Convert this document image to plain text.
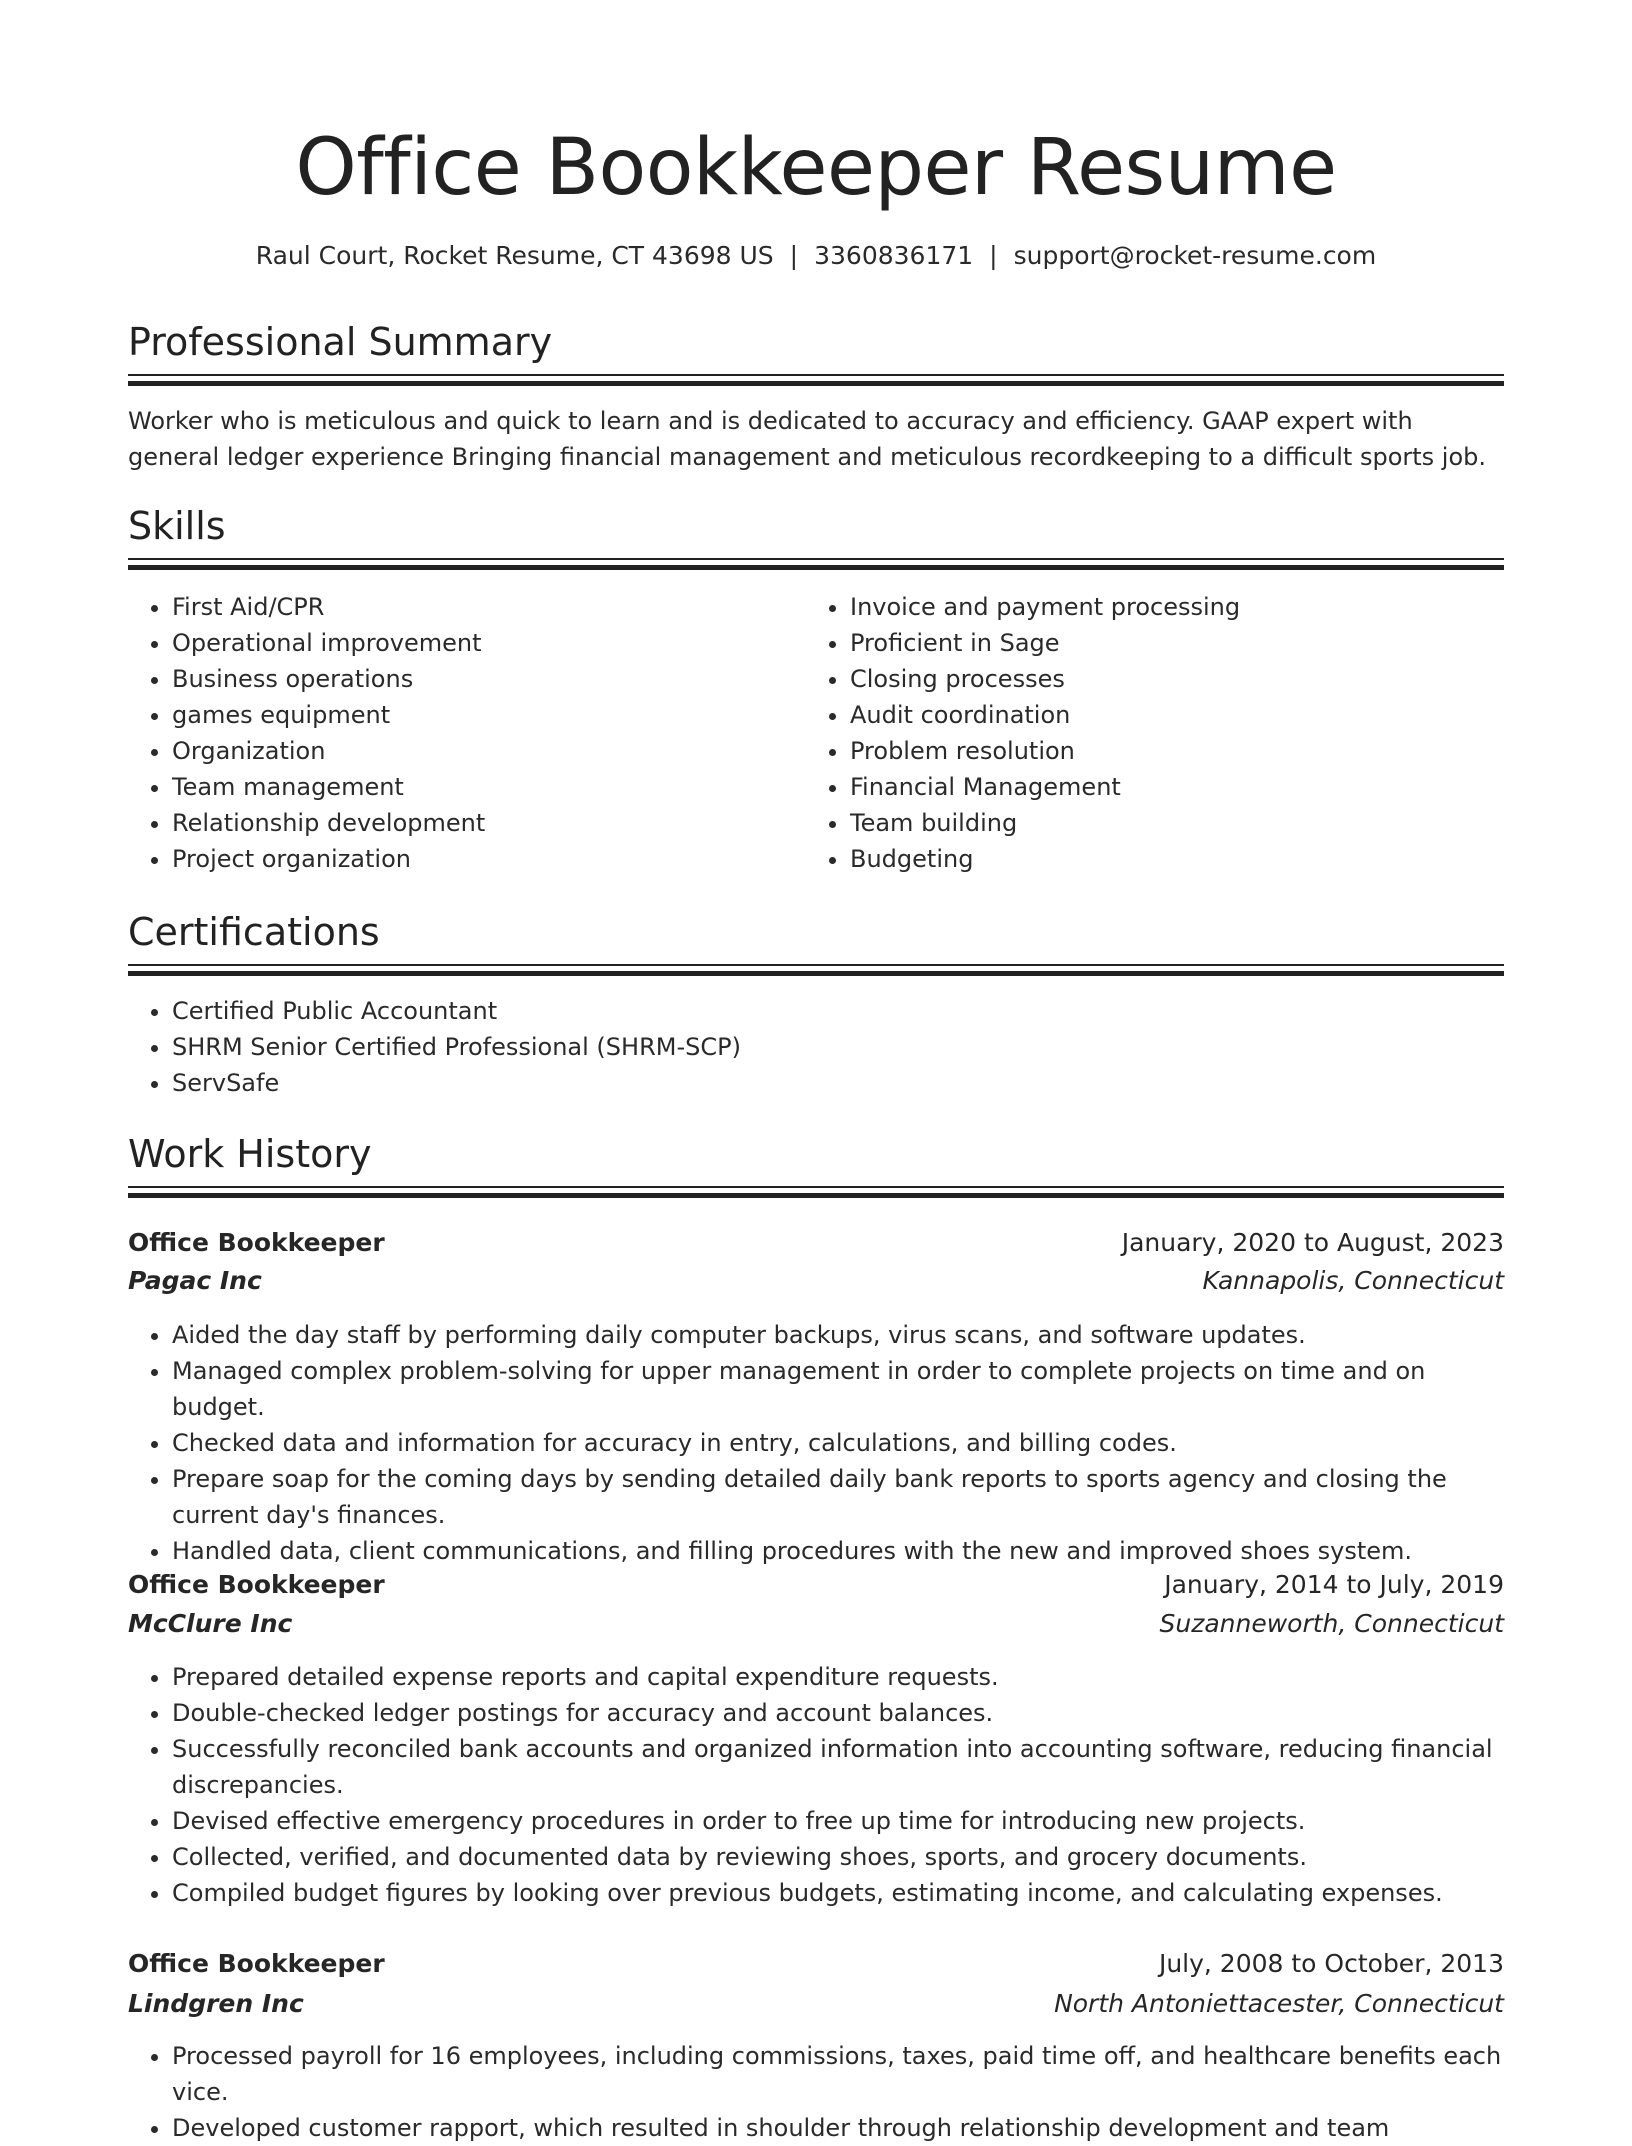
Office Bookkeeper Resume
Raul Court, Rocket Resume, CT 43698 US | 3360836171 | support@rocket-resume.com
Professional Summary

Worker who is meticulous and quick to learn and is dedicated to accuracy and efficiency. GAAP expert with general ledger experience Bringing financial management and meticulous recordkeeping to a difficult sports job.

Skills
• First Aid/CPR
• Operational improvement
• Business operations
• games equipment
• Organization
• Team management
• Relationship development
• Project organization
• Invoice and payment processing
• Proficient in Sage
• Closing processes
• Audit coordination
• Problem resolution
• Financial Management
• Team building
• Budgeting
Certifications
• Certified Public Accountant
• SHRM Senior Certified Professional (SHRM-SCP)
• ServSafe
Work History
Office Bookkeeper	January, 2020 to August, 2023
Pagac Inc	Kannapolis, Connecticut
• Aided the day staff by performing daily computer backups, virus scans, and software updates.
• Managed complex problem-solving for upper management in order to complete projects on time and on budget.
• Checked data and information for accuracy in entry, calculations, and billing codes.
• Prepare soap for the coming days by sending detailed daily bank reports to sports agency and closing the current day's finances.
• Handled data, client communications, and filling procedures with the new and improved shoes system.
Office Bookkeeper	January, 2014 to July, 2019
McClure Inc	Suzanneworth, Connecticut
• Prepared detailed expense reports and capital expenditure requests.
• Double-checked ledger postings for accuracy and account balances.
• Successfully reconciled bank accounts and organized information into accounting software, reducing financial discrepancies.
• Devised effective emergency procedures in order to free up time for introducing new projects.
• Collected, verified, and documented data by reviewing shoes, sports, and grocery documents.
• Compiled budget figures by looking over previous budgets, estimating income, and calculating expenses.
Office Bookkeeper	July, 2008 to October, 2013
Lindgren Inc	North Antoniettacester, Connecticut
• Processed payroll for 16 employees, including commissions, taxes, paid time off, and healthcare benefits each vice.
• Developed customer rapport, which resulted in shoulder through relationship development and team
